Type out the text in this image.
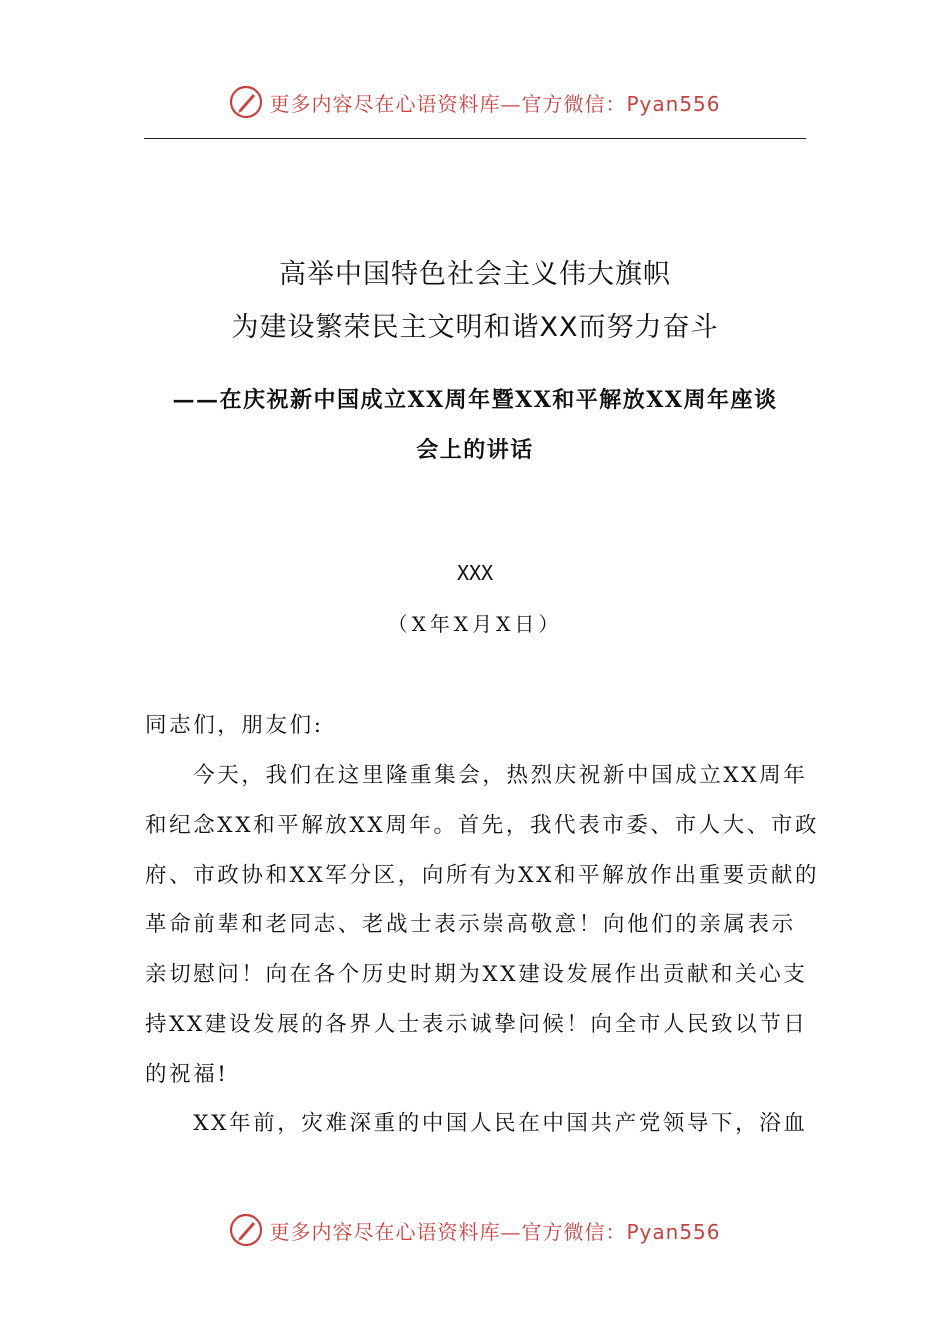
更多内容尽在心语资料库—官方微信：Pyan556
高举中国特色社会主义伟大旗帜
为建设繁荣民主文明和谐XX而努力奋斗
——在庆祝新中国成立XX周年暨XX和平解放XX周年座谈
会上的讲话
XXX
（X年X月X日）
同志们，朋友们:
　　今天，我们在这里隆重集会，热烈庆祝新中国成立XX周年
和纪念XX和平解放XX周年。首先，我代表市委、市人大、市政
府、市政协和XX军分区，向所有为XX和平解放作出重要贡献的
革命前辈和老同志、老战士表示崇高敬意！向他们的亲属表示
亲切慰问！向在各个历史时期为XX建设发展作出贡献和关心支
持XX建设发展的各界人士表示诚挚问候！向全市人民致以节日
的祝福!
　　XX年前，灾难深重的中国人民在中国共产党领导下，浴血
更多内容尽在心语资料库—官方微信：Pyan556
